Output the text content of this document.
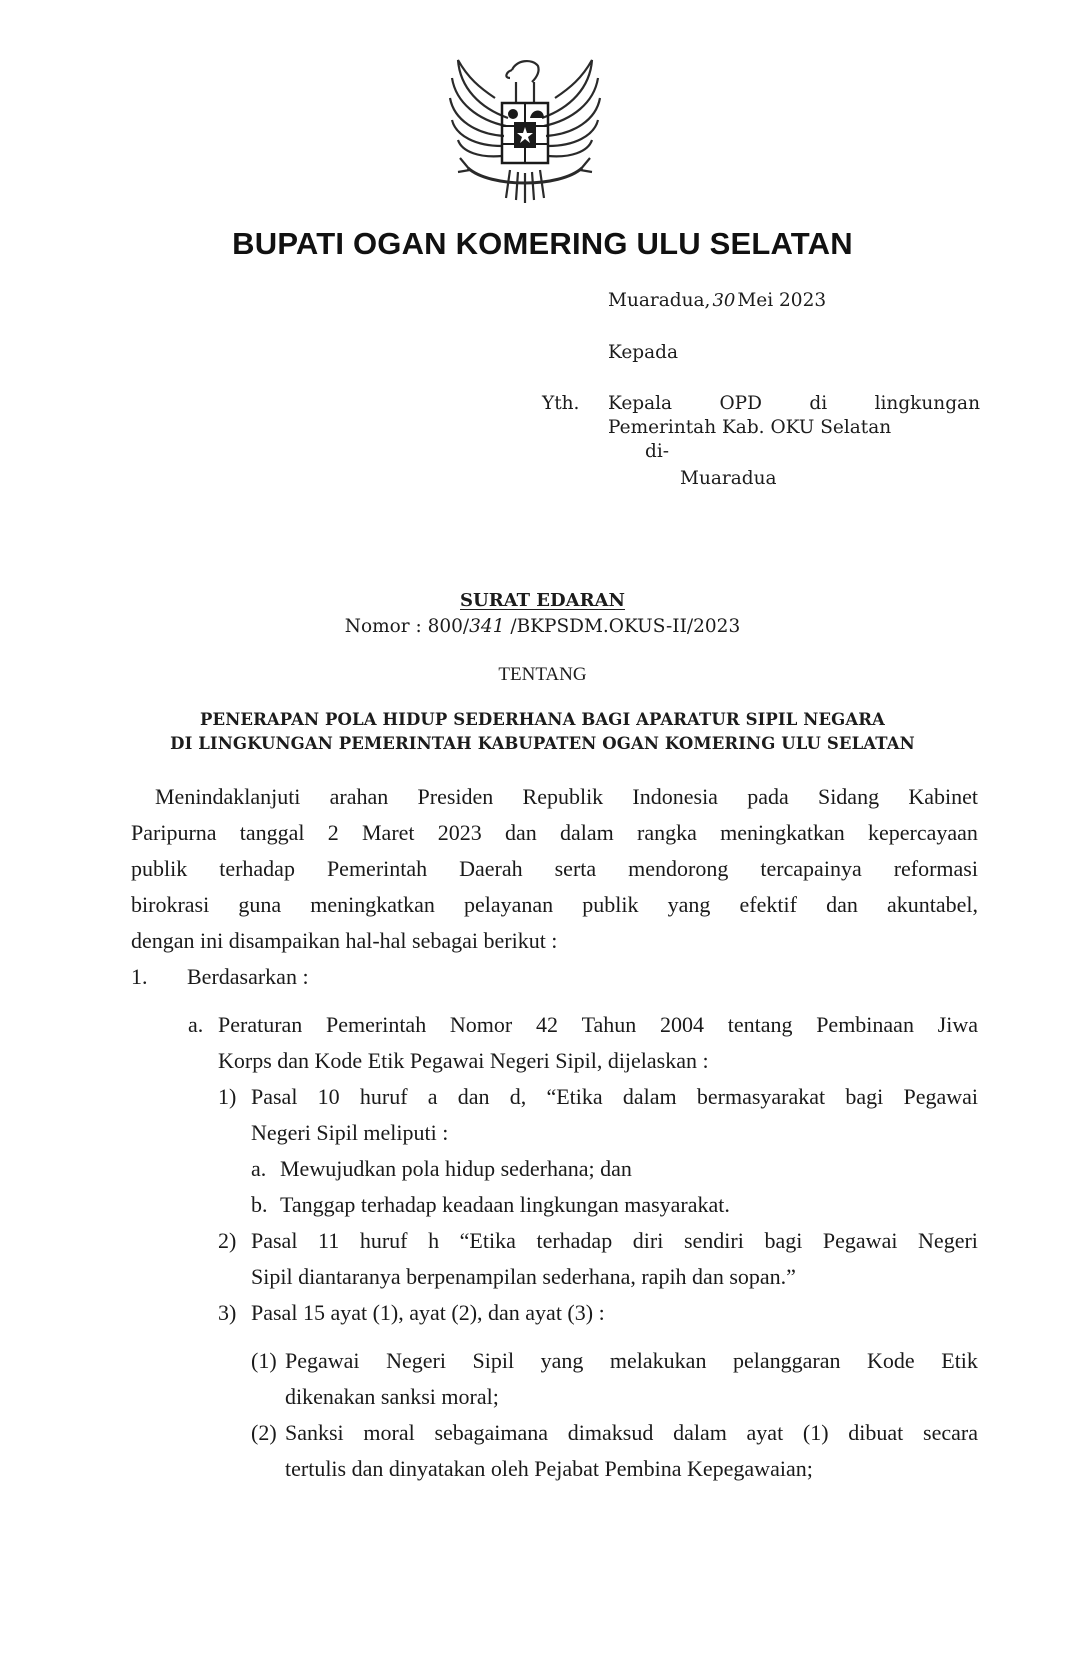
BUPATI OGAN KOMERING ULU SELATAN
Muaradua, 30 Mei 2023
Kepada
Yth. Kepala	OPD	di	lingkungan
Pemerintah Kab. OKU Selatan
di-
Muaradua
SURAT EDARAN
Nomor : 800/341 /BKPSDM.OKUS-II/2023
TENTANG
PENERAPAN POLA HIDUP SEDERHANA BAGI APARATUR SIPIL NEGARA
DI LINGKUNGAN PEMERINTAH KABUPATEN OGAN KOMERING ULU SELATAN
Menindaklanjuti arahan Presiden Republik Indonesia pada Sidang Kabinet
Paripurna tanggal 2 Maret 2023 dan dalam rangka meningkatkan kepercayaan
publik terhadap Pemerintah Daerah serta mendorong tercapainya reformasi
birokrasi guna meningkatkan pelayanan publik yang efektif dan akuntabel,
dengan ini disampaikan hal-hal sebagai berikut :
1. Berdasarkan :
a. Peraturan Pemerintah Nomor 42 Tahun 2004 tentang Pembinaan Jiwa
Korps dan Kode Etik Pegawai Negeri Sipil, dijelaskan :
1) Pasal 10 huruf a dan d, “Etika dalam bermasyarakat bagi Pegawai
Negeri Sipil meliputi :
a. Mewujudkan pola hidup sederhana; dan
b. Tanggap terhadap keadaan lingkungan masyarakat.
2) Pasal 11 huruf h “Etika terhadap diri sendiri bagi Pegawai Negeri
Sipil diantaranya berpenampilan sederhana, rapih dan sopan.”
3) Pasal 15 ayat (1), ayat (2), dan ayat (3) :
(1) Pegawai Negeri Sipil yang melakukan pelanggaran Kode Etik
dikenakan sanksi moral;
(2) Sanksi moral sebagaimana dimaksud dalam ayat (1) dibuat secara
tertulis dan dinyatakan oleh Pejabat Pembina Kepegawaian;
